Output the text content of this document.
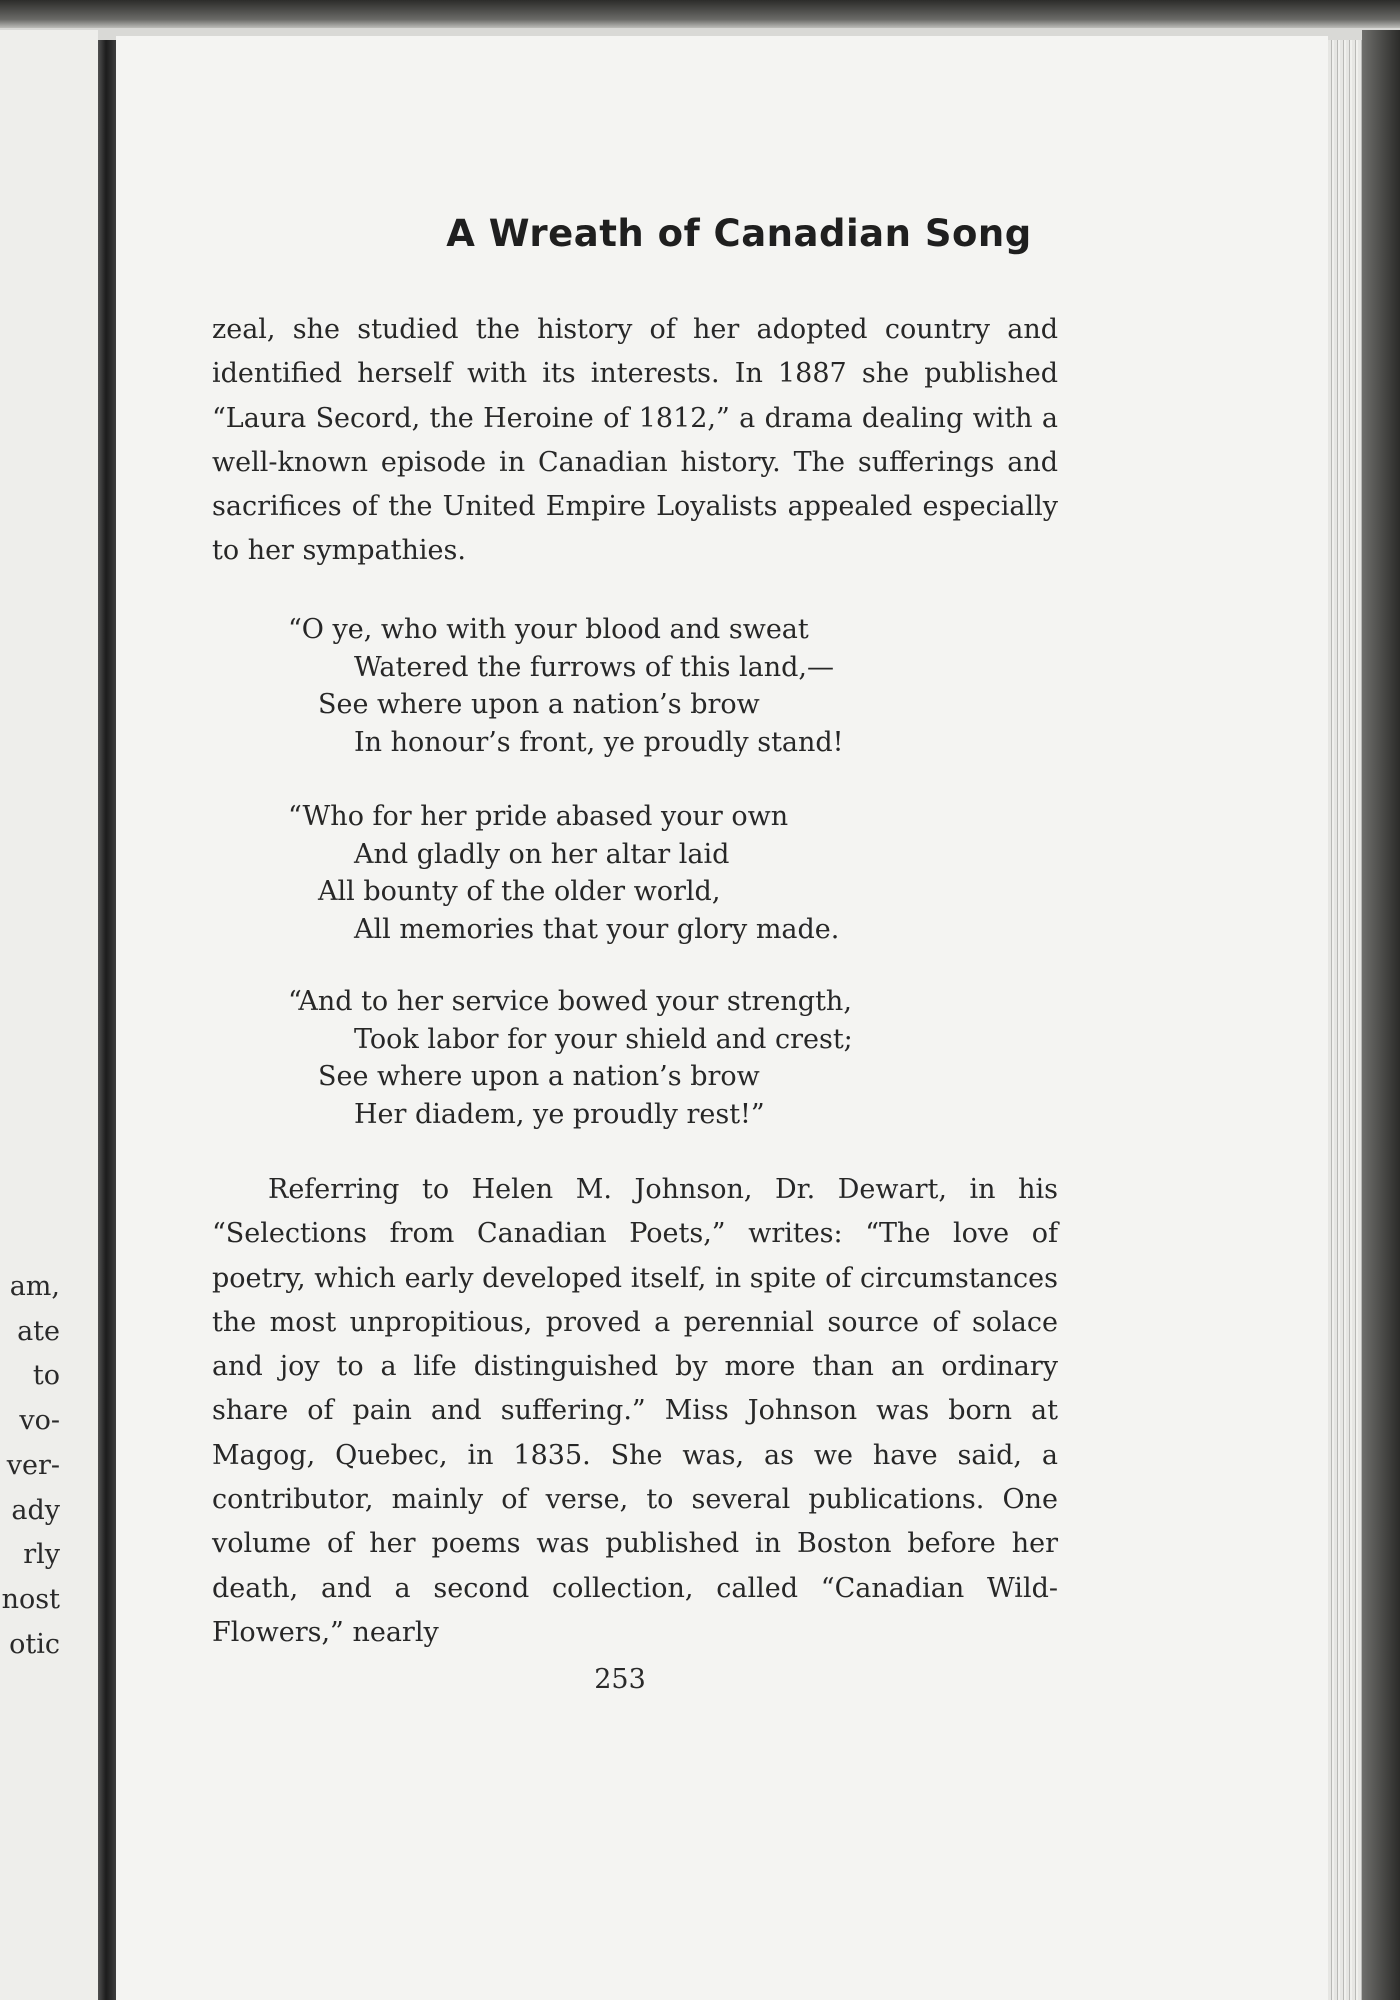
am,
ate
to
vo-
ver-
ady
rly
nost
otic
A Wreath of Canadian Song

zeal, she studied the history of her adopted country and identified herself with its interests. In 1887 she published “Laura Secord, the Heroine of 1812,” a drama dealing with a well-known episode in Canadian history. The sufferings and sacrifices of the United Empire Loyalists appealed especially to her sympathies.

“O ye, who with your blood and sweat
Watered the furrows of this land,—
See where upon a nation’s brow
In honour’s front, ye proudly stand!
“Who for her pride abased your own
And gladly on her altar laid
All bounty of the older world,
All memories that your glory made.
“And to her service bowed your strength,
Took labor for your shield and crest;
See where upon a nation’s brow
Her diadem, ye proudly rest!”

Referring to Helen M. Johnson, Dr. Dewart, in his “Selections from Canadian Poets,” writes: “The love of poetry, which early developed itself, in spite of circumstances the most unpropitious, proved a perennial source of solace and joy to a life distinguished by more than an ordinary share of pain and suffering.” Miss Johnson was born at Magog, Quebec, in 1835. She was, as we have said, a contributor, mainly of verse, to several publications. One volume of her poems was published in Boston before her death, and a second collection, called “Canadian Wild-Flowers,” nearly

253
